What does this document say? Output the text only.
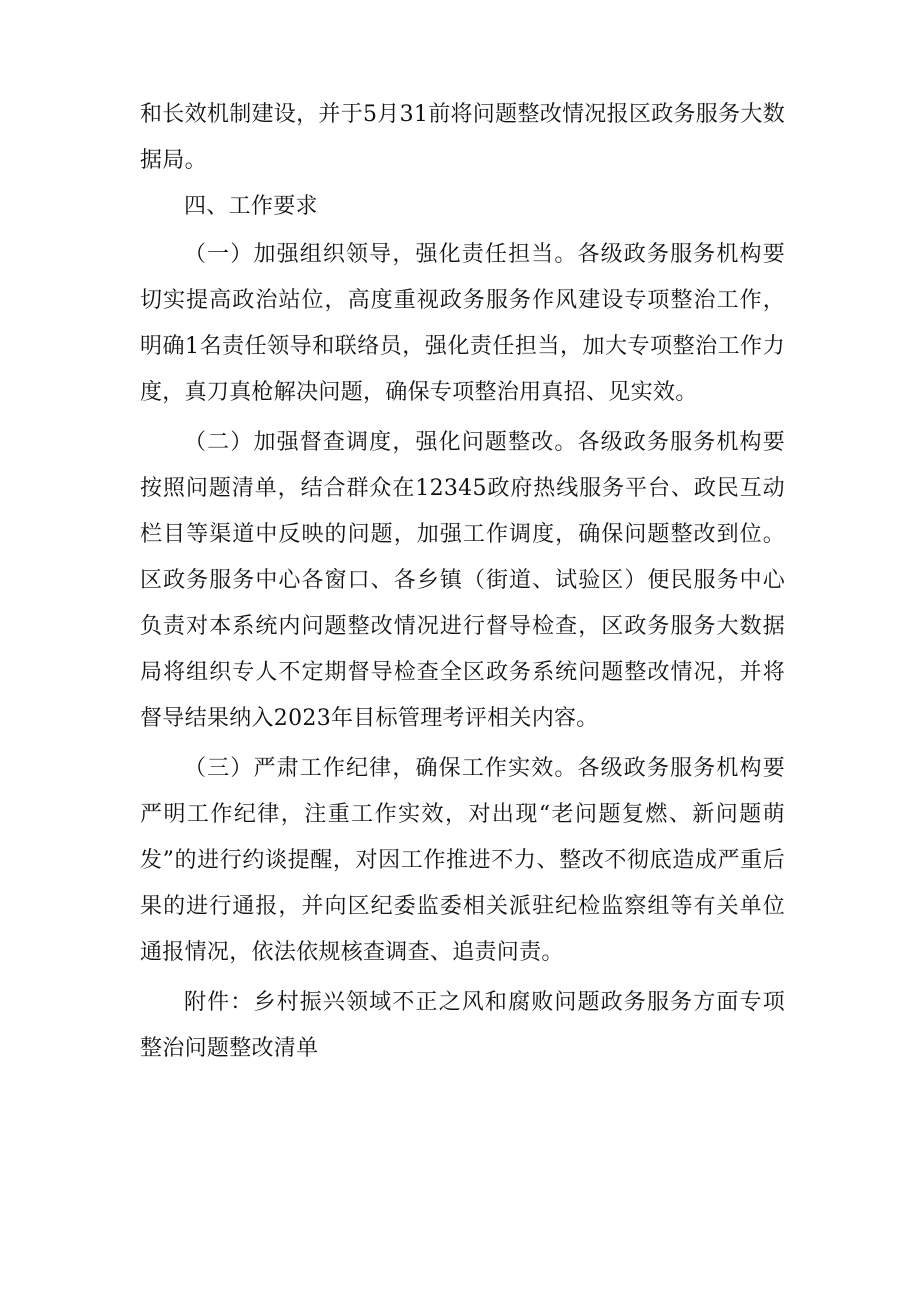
和长效机制建设，并于5月31前将问题整改情况报区政务服务大数据局。

四、工作要求

（一）加强组织领导，强化责任担当。各级政务服务机构要切实提高政治站位，高度重视政务服务作风建设专项整治工作，明确1名责任领导和联络员，强化责任担当，加大专项整治工作力度，真刀真枪解决问题，确保专项整治用真招、见实效。

（二）加强督查调度，强化问题整改。各级政务服务机构要按照问题清单，结合群众在12345政府热线服务平台、政民互动栏目等渠道中反映的问题，加强工作调度，确保问题整改到位。区政务服务中心各窗口、各乡镇（街道、试验区）便民服务中心负责对本系统内问题整改情况进行督导检查，区政务服务大数据局将组织专人不定期督导检查全区政务系统问题整改情况，并将督导结果纳入2023年目标管理考评相关内容。

（三）严肃工作纪律，确保工作实效。各级政务服务机构要严明工作纪律，注重工作实效，对出现“老问题复燃、新问题萌发”的进行约谈提醒，对因工作推进不力、整改不彻底造成严重后果的进行通报，并向区纪委监委相关派驻纪检监察组等有关单位通报情况，依法依规核查调查、追责问责。

附件：乡村振兴领域不正之风和腐败问题政务服务方面专项整治问题整改清单
